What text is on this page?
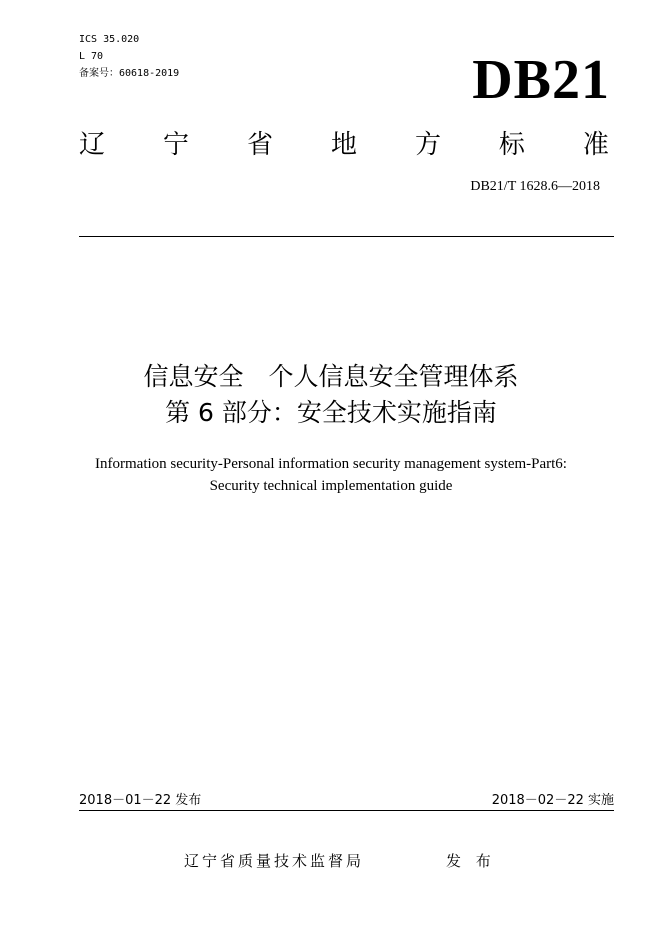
ICS 35.020
L 70
备案号：60618-2019	DB21
辽 宁 省 地 方 标 准
DB21/T 1628.6—2018
信息安全　个人信息安全管理体系
第 6 部分：安全技术实施指南
Information security-Personal information security management system-Part6:
Security technical implementation guide
2018－01－22 发布	2018－02－22 实施
辽宁省质量技术监督局	发 布
